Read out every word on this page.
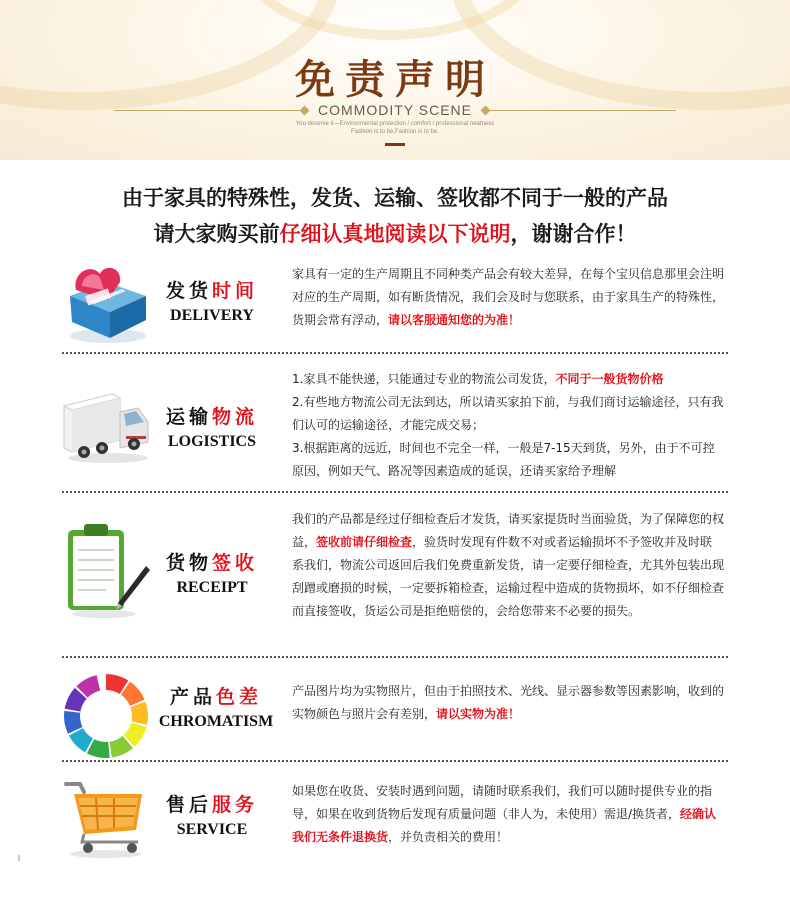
免责声明
COMMODITY SCENE
You deserve it—Environmental protection / comfort / professional neatness
Fashion is to be,Fashion is to be.
由于家具的特殊性，发货、运输、签收都不同于一般的产品
请大家购买前仔细认真地阅读以下说明，谢谢合作！
发货时间
DELIVERY
家具有一定的生产周期且不同种类产品会有较大差异，在每个宝贝信息那里会注明对应的生产周期，如有断货情况，我们会及时与您联系，由于家具生产的特殊性，货期会常有浮动，请以客服通知您的为准！
运输物流
LOGISTICS
1.家具不能快递，只能通过专业的物流公司发货，不同于一般货物价格
2.有些地方物流公司无法到达，所以请买家拍下前，与我们商讨运输途径，只有我们认可的运输途径，才能完成交易；
3.根据距离的远近，时间也不完全一样，一般是7-15天到货，另外，由于不可控原因，例如天气、路况等因素造成的延误，还请买家给予理解
货物签收
RECEIPT
我们的产品都是经过仔细检查后才发货，请买家提货时当面验货，为了保障您的权益，签收前请仔细检查，验货时发现有件数不对或者运输损坏不予签收并及时联系我们，物流公司返回后我们免费重新发货，请一定要仔细检查，尤其外包装出现刮蹭或磨损的时候，一定要拆箱检查，运输过程中造成的货物损坏，如不仔细检查而直接签收，货运公司是拒绝赔偿的，会给您带来不必要的损失。
产品色差
CHROMATISM
产品图片均为实物照片，但由于拍照技术、光线、显示器参数等因素影响，收到的实物颜色与照片会有差别，请以实物为准！
售后服务
SERVICE
如果您在收货、安装时遇到问题，请随时联系我们，我们可以随时提供专业的指导，如果在收到货物后发现有质量问题（非人为，未使用）需退/换货者，经确认我们无条件退换货，并负责相关的费用！
